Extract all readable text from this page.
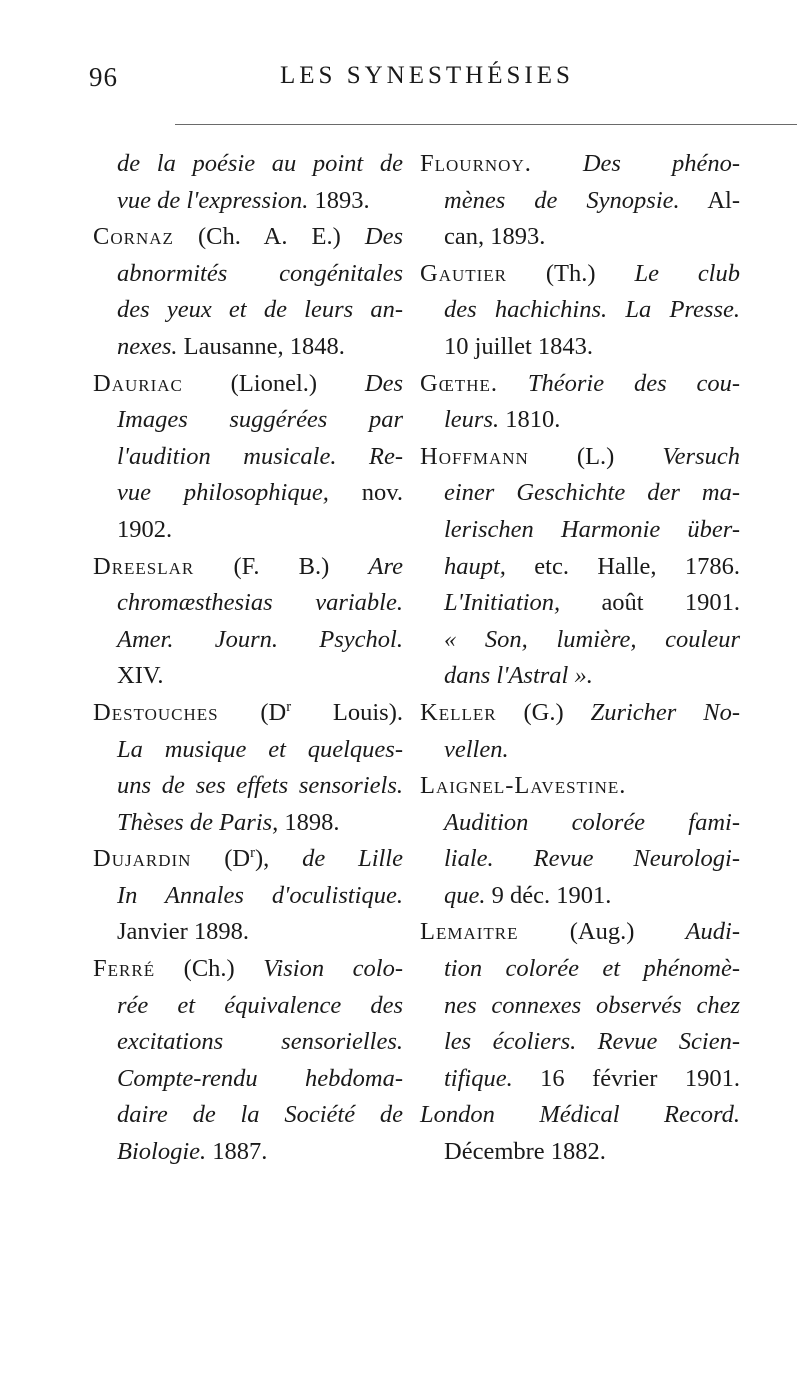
96	LES SYNESTHÉSIES
de la poésie au point de
vue de l'expression. 1893.
Cornaz (Ch. A. E.) Des
abnormités congénitales
des yeux et de leurs an-
nexes. Lausanne, 1848.
Dauriac (Lionel.) Des
Images suggérées par
l'audition musicale. Re-
vue philosophique, nov.
1902.
Dreeslar (F. B.) Are
chromæsthesias variable.
Amer. Journ. Psychol.
XIV.
Destouches ($D^r$ Louis).
La musique et quelques-
uns de ses effets sensoriels.
Thèses de Paris, 1898.
Dujardin $(D^r)$, de Lille
In Annales d'oculistique.
Janvier 1898.
Ferré (Ch.) Vision colo-
rée et équivalence des
excitations sensorielles.
Compte-rendu hebdoma-
daire de la Société de
Biologie. 1887.
Flournoy. Des phéno-
mènes de Synopsie. Al-
can, 1893.
Gautier (Th.) Le club
des hachichins. La Presse.
10 juillet 1843.
Gœthe. Théorie des cou-
leurs. 1810.
Hoffmann (L.) Versuch
einer Geschichte der ma-
lerischen Harmonie über-
haupt, etc. Halle, 1786.
L'Initiation, août 1901.
« Son, lumière, couleur
dans l'Astral ».
Keller (G.) Zuricher No-
vellen.
Laignel-Lavestine.
Audition colorée fami-
liale. Revue Neurologi-
que. 9 déc. 1901.
Lemaitre (Aug.) Audi-
tion colorée et phénomè-
nes connexes observés chez
les écoliers. Revue Scien-
tifique. 16 février 1901.
London Médical Record.
Décembre 1882.
